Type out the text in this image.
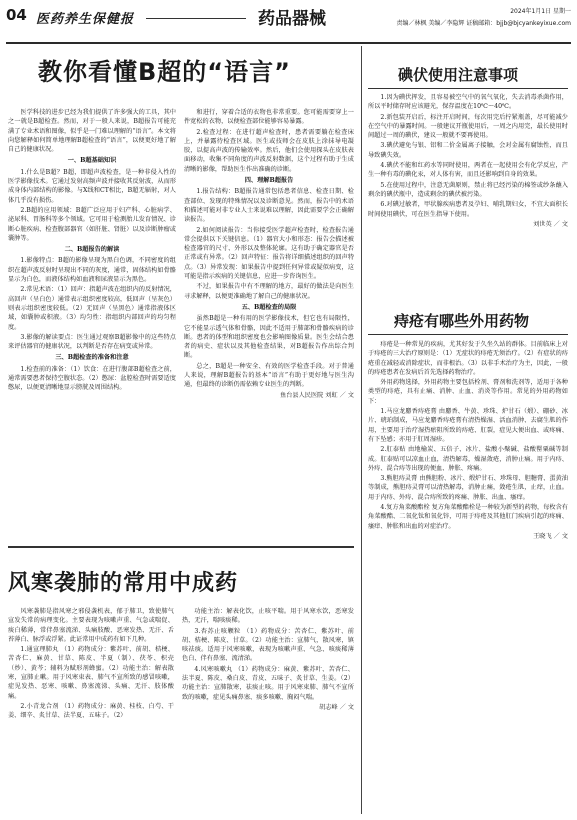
04 医药养生保健报	药品器械	2024年1月1日 星期一
责编／林枫 美编／李隐辉 证稿邮箱：bjjb@bjcyankeyixue.com
教你看懂B超的“语言”

医学科技的进步已经为我们提供了许多强大的工具，其中之一就是B超检查。然而，对于一般人来说，B超报告可能充满了专业术语和图像，似乎是一门难以理解的“语言”。本文将向您解释如何简单地理解B超检查的“语言”，以便更好地了解自己的健康状况。

一、B超基础知识

1.什么是B超？B超，即超声波检查，是一种非侵入性的医学影像技术。它通过发射高频声波并接收其反射波，从而形成身体内部结构的影像。与X线和CT相比，B超无辐射，对人体几乎没有损伤。

2.B超的应用领域：B超广泛应用于妇产科、心脏病学、泌尿科、胃肠科等多个领域。它可用于检测胎儿发育情况、诊断心脏疾病、检查腹部器官（如肝脏、肾脏）以及诊断肿瘤或囊肿等。

二、B超报告的解读

1.影像特点：B超的影像呈现为黑白色调，不同密度的组织在超声波反射时呈现出不同的灰度，通常，固体结构如骨骼显示为白色，而液体结构如血液和尿液显示为黑色。

2.常见术语：（1）回声：指超声波在组织内的反射情况，高回声（呈白色）通常表示组织密度较高，低回声（呈灰色）则表示组织密度较低。（2）无回声（呈黑色）通常指液体区域，如囊肿或积液。（3）均匀性：指组织内部回声的均匀程度。

3.影像的解读要点：医生通过观察B超影像中的这些特点来评估器官的健康状况，以判断是否存在病变或异常。

三、B超检查的准备和注意

1.检查前的准备：（1）饮食：在进行腹部B超检查之前，通常需要患者保持空腹状态。（2）憋尿：盆腔检查时需要适度憋尿，以便更清晰地显示膀胱及周围结构。

和进行，穿着合适的衣物也非常重要。您可能需要穿上一件宽松的衣物，以便检查部位能够容易暴露。

2.检查过程：在进行超声检查时，患者需要躺在检查床上，并暴露待检查区域。医生或技师会在皮肤上涂抹导电凝胶，以提高声波的传输效率。然后，他们会使用探头在皮肤表面移动，收集不同角度的声波反射数据，这个过程有助于生成清晰的影像，帮助医生作出准确的诊断。

四、理解B超报告

1.报告结构：B超报告通常包括患者信息、检查日期、检查部位、发现的特殊情况以及诊断意见。然而，报告中的术语和描述可能对非专业人士来说难以理解，因此需要学会正确解读报告。

2.如何阅读报告：当你接受医学超声检查时，检查报告通常会提供以下关键信息。（1）器官大小和形态：报告会描述被检查器官的尺寸、外形以及整体轮廓。这有助于确定器官是否正常或有异常。（2）回声特征：报告将详细描述组织的回声特点。（3）异常发现：如果报告中提到任何异常或疑似病变，这可能是指示疾病的关键信息，应进一步咨询医生。

不过，如果报告中有不理解的地方，最好的做法是向医生寻求解释，以便更准确地了解自己的健康状况。

五、B超检查的局限

虽然B超是一种有用的医学影像技术，但它也有局限性，它不能显示透气体和骨骼，因此不适用于肺部和骨骼疾病的诊断。患者的体型和组织密度也会影响图像质量。医生会结合患者的病史、症状以及其他检查结果，对B超报告作出综合判断。

总之，B超是一种安全、有效的医学检查手段。对于普通人来说，理解B超报告的基本“语言”有助于更好地与医生沟通，但最终的诊断仍需依赖专业医生的判断。

鱼台县人民医院 刘虹 ／ 文

碘伏使用注意事项

1.因为碘伏挥发，且容易被空气中的氧气氧化，失去消毒杀菌作用，所以平时储存时应该避光，保存温度在10℃～40℃。

2.新包装开启后，标注开启时间，每次用完后拧紧瓶盖，尽可能减少在空气中的暴露时间。一般建议开瓶使用后，一周之内用完，最长使用时间超过一周的碘伏，建议一般就不要再使用。

3.碘伏避免与银、铝和二价金属离子接触，会对金属有腐蚀性，而且导致碘失效。

4.碘伏不能和红药水等同时使用，两者在一起使用会有化学反应，产生一种有毒的碘化汞，对人体有害，而且还影响到自身的效果。

5.在使用过程中，注意无菌原则，禁止将已经污染的棉签或纱条蘸入剩余的碘伏瓶中，造成剩余的碘伏被污染。

6.对碘过敏者，甲状腺疾病患者及孕妇、哺乳期妇女，不宜大面积长时间使用碘伏，可在医生指导下使用。

刘世英 ／ 文

痔疮有哪些外用药物

痔疮是一种常见的疾病，尤其好发于久坐久站的群体。目前临床上对于痔疮的三大治疗原则是：（1）无症状的痔疮无须治疗。（2）有症状的痔疮重在减轻或消除症状，而非根治。（3）以非手术治疗为主，因此，一般的痔疮患者在发病后首先选择药物治疗。

外用药物选择，外用药物主要包括栓剂、膏剂和洗剂等，适用于各种类型的痔疮，具有止痛、消肿、止血、消炎等作用。常见的外用药物如下：

1.马应龙麝香痔疮膏 由麝香、牛黄、珍珠、炉甘石（煅）、硼砂、冰片、琥珀制成，马应龙麝香痔疮膏有清热燥湿、活血消肿、去腐生肌的作用，主要用于治疗湿热瘀阻所致的痔疮、肛裂，症见大便出血、或疼痛、有下坠感；亦用于肛周湿疹。

2.肛泰贴 由地榆炭、五倍子、冰片、盐酸小檗碱、盐酸罂粟碱等制成。肛泰贴可以凉血止血，清热解毒，燥湿敛疮，消肿止痛。用于内痔、外痔、混合痔等出现的便血、肿胀、疼痛。

3.熊胆痔灵膏 由熊胆粉、冰片、煅炉甘石、珍珠母、胆糖膏、蛋黄油等制成，熊胆痔灵膏可以清热解毒，消肿止痛，敛疮生肌，止痒，止血。用于内痔、外痔、混合痔所致的疼痛、肿胀、出血、瘙痒。

4.复方角菜酸酯栓 复方角菜酸酯栓是一种较为新型的药物，每枚含有角菜酸酯、二氧化钛和氧化锌，可用于痔疮及其他肛门疾病引起的疼痛、瘙痒、肿胀和出血的对症治疗。

王晓飞 ／ 文

风寒袭肺的常用中成药

风寒袭肺是指风寒之邪侵袭机表，郁于肺卫，致使肺气宣发失常的病理变化。主要表现为咳嗽声重、气急或喘促、痰白稀薄，常伴鼻塞流涕、头痛肢酸、恶寒发热、无汗、舌苔薄白、脉浮或浮紧。此证常用中成药有如下几种。

1.通宣理肺丸 （1）药物成分：紫苏叶、前胡、桔梗、苦杏仁、麻黄、甘草、陈皮、半夏（制）、茯苓、枳壳（炒）、黄芩；辅料为赋形剂蜂蜜。（2）功能主治：解表散寒，宣肺止嗽。用于风寒束表、肺气不宣所致的感冒咳嗽，症见发热、恶寒、咳嗽、鼻塞流涕、头痛、无汗、肢体酸痛。

2.小青龙合剂 （1）药物成分：麻黄、桂枝、白芍、干姜、细辛、炙甘草、法半夏、五味子。（2）

功能主治：解表化饮，止咳平喘。用于风寒水饮，恶寒发热，无汗，喘咳痰稀。

3.杏苏止咳颗粒 （1）药物成分：苦杏仁、紫苏叶、前胡、桔梗、陈皮、甘草。（2）功能主治：宣肺气，散风寒，镇咳祛痰。适用于风寒咳嗽，表现为咳嗽声重、气急、咳痰稀薄色白、伴有鼻塞、流清涕。

4.风寒咳嗽丸 （1）药物成分：麻黄、紫苏叶、苦杏仁、法半夏、陈皮、桑白皮、青皮、五味子、炙甘草、生姜。（2）功能主治：宣肺散寒，祛痰止咳。用于风寒束肺、肺气不宣所致的咳嗽，症见头痛鼻塞、痰多咳嗽、胸闷气喘。

胡志峰 ／ 文
